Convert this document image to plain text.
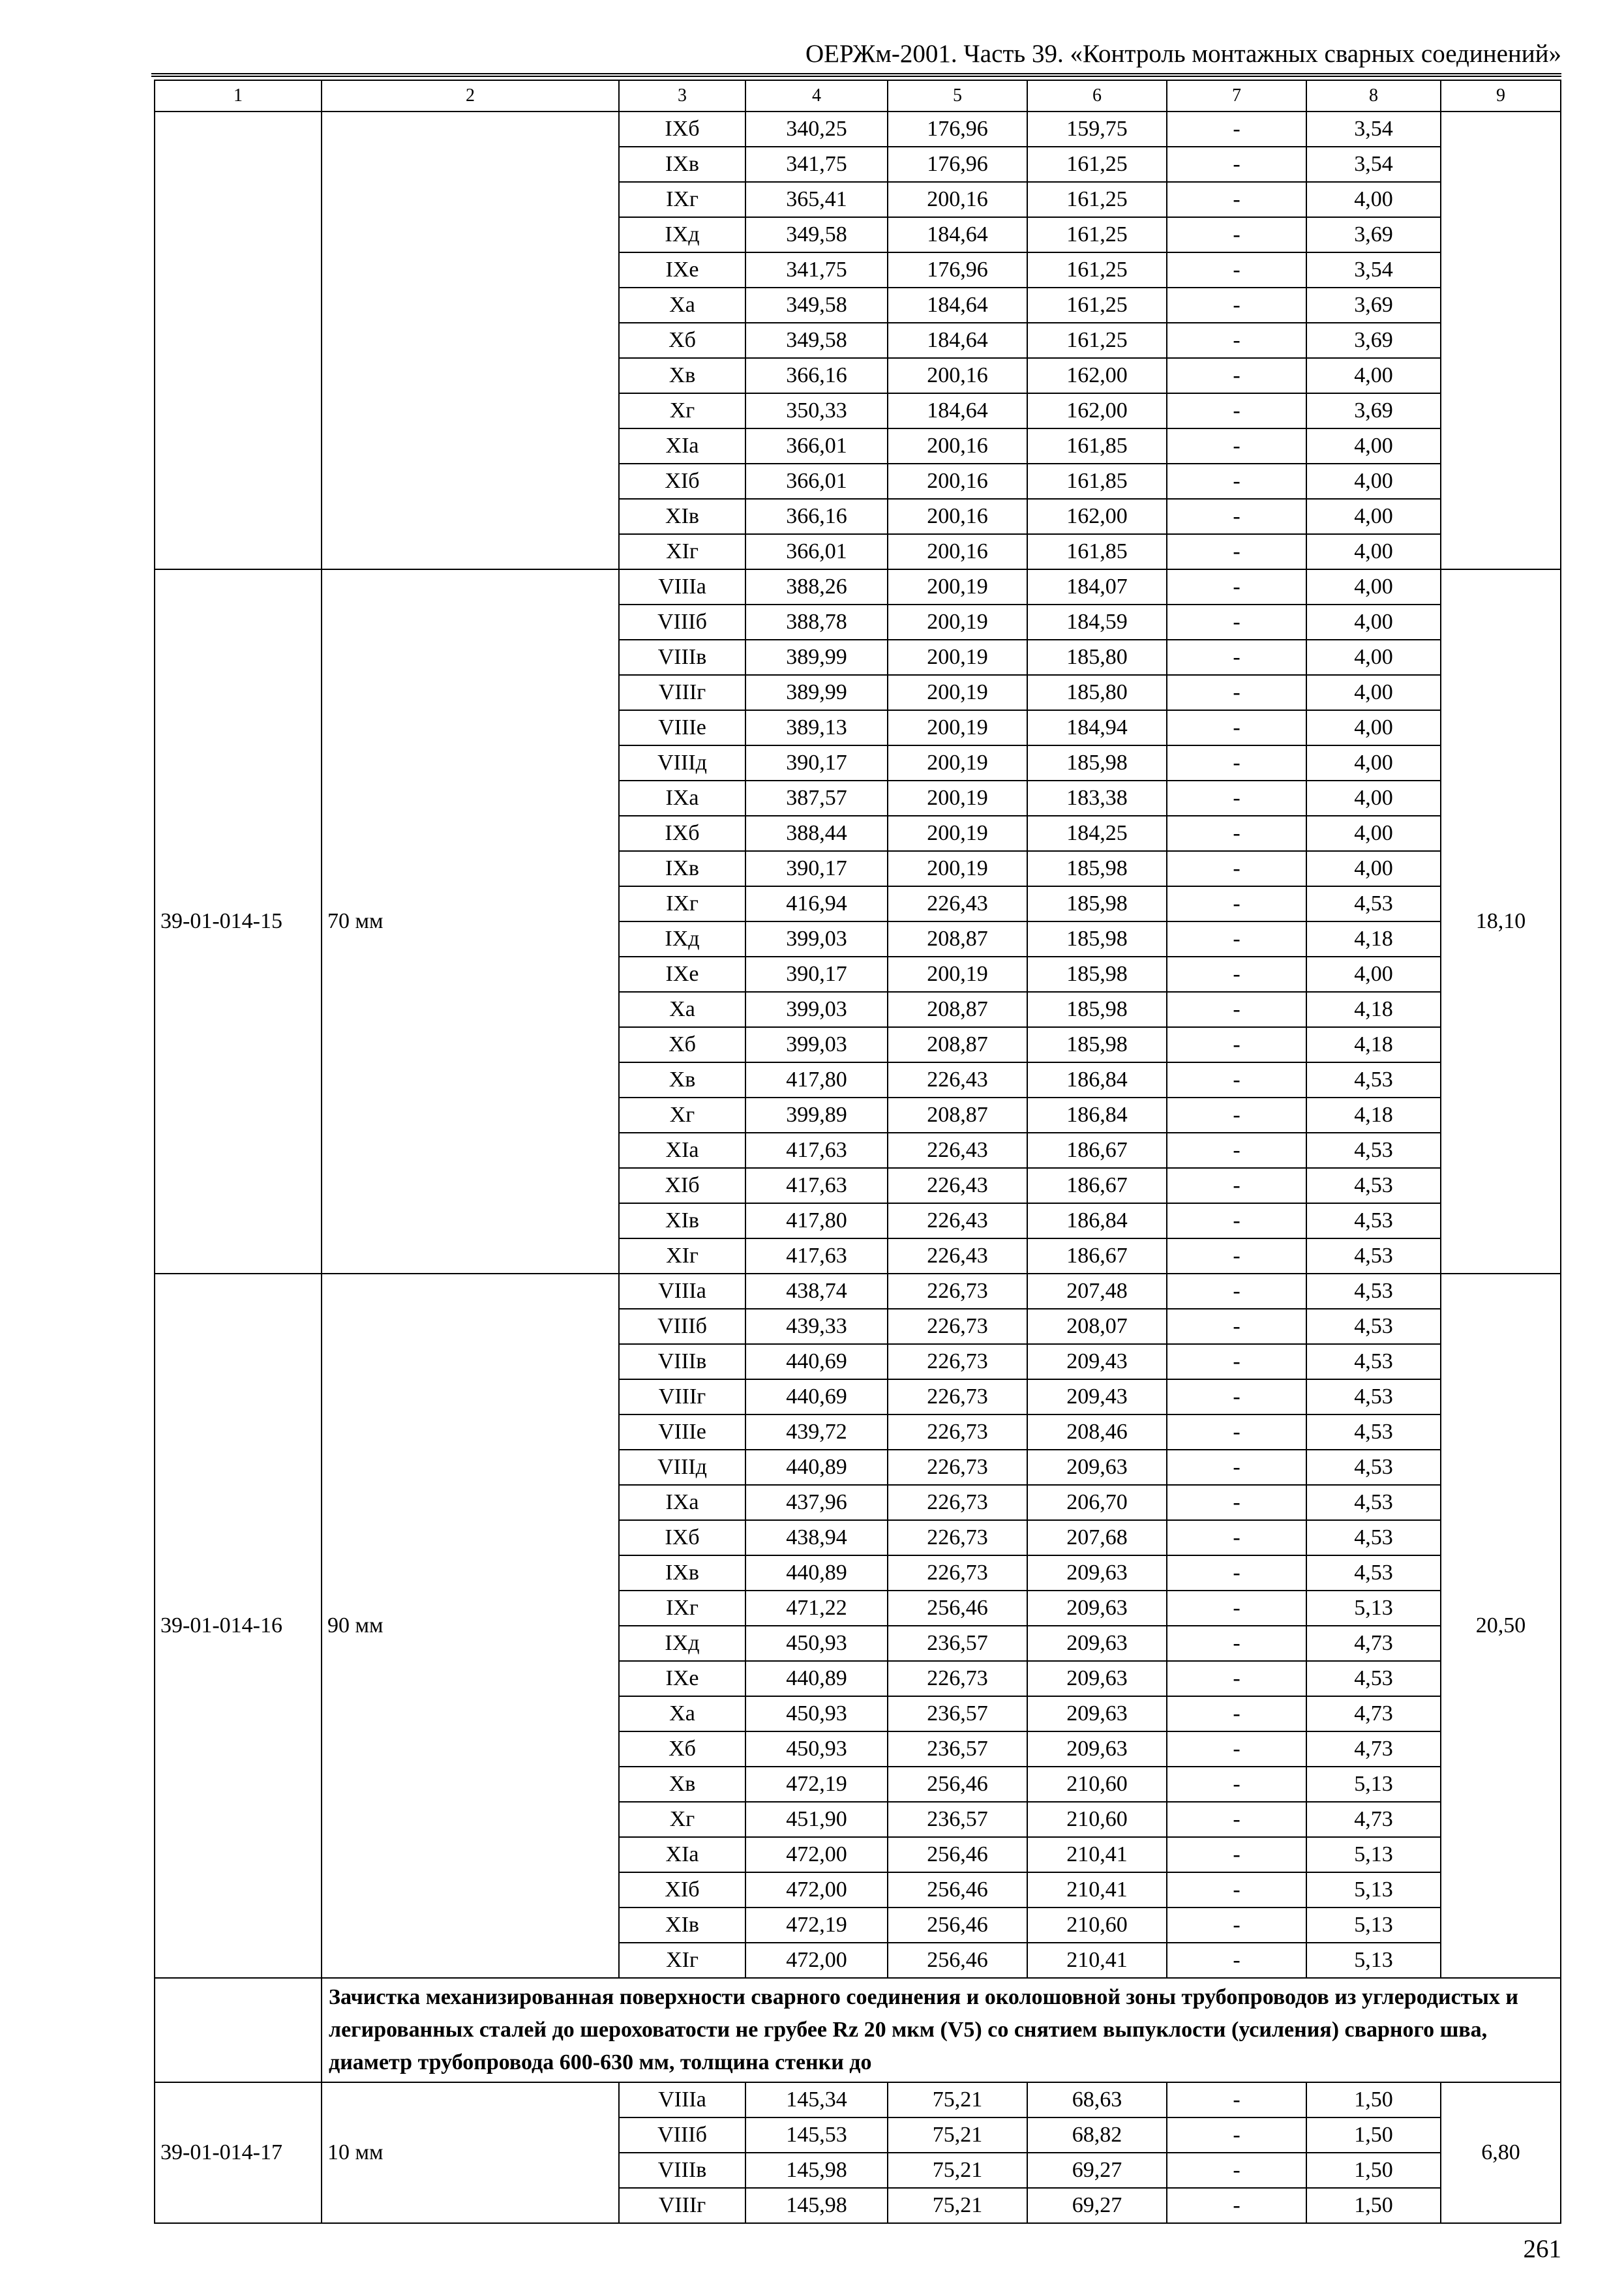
ОЕРЖм-2001. Часть 39. «Контроль монтажных сварных соединений»
1	2	3	4	5	6	7	8	9
		IXб	340,25	176,96	159,75	-	3,54	
		IXв	341,75	176,96	161,25	-	3,54	
		IXг	365,41	200,16	161,25	-	4,00	
		IXд	349,58	184,64	161,25	-	3,69	
		IXе	341,75	176,96	161,25	-	3,54	
		Xа	349,58	184,64	161,25	-	3,69	
		Xб	349,58	184,64	161,25	-	3,69	
		Xв	366,16	200,16	162,00	-	4,00	
		Xг	350,33	184,64	162,00	-	3,69	
		XIа	366,01	200,16	161,85	-	4,00	
		XIб	366,01	200,16	161,85	-	4,00	
		XIв	366,16	200,16	162,00	-	4,00	
		XIг	366,01	200,16	161,85	-	4,00	
39-01-014-15	70 мм	VIIIа	388,26	200,19	184,07	-	4,00	18,10
		VIIIб	388,78	200,19	184,59	-	4,00	
		VIIIв	389,99	200,19	185,80	-	4,00	
		VIIIг	389,99	200,19	185,80	-	4,00	
		VIIIе	389,13	200,19	184,94	-	4,00	
		VIIIд	390,17	200,19	185,98	-	4,00	
		IXа	387,57	200,19	183,38	-	4,00	
		IXб	388,44	200,19	184,25	-	4,00	
		IXв	390,17	200,19	185,98	-	4,00	
		IXг	416,94	226,43	185,98	-	4,53	
		IXд	399,03	208,87	185,98	-	4,18	
		IXе	390,17	200,19	185,98	-	4,00	
		Xа	399,03	208,87	185,98	-	4,18	
		Xб	399,03	208,87	185,98	-	4,18	
		Xв	417,80	226,43	186,84	-	4,53	
		Xг	399,89	208,87	186,84	-	4,18	
		XIа	417,63	226,43	186,67	-	4,53	
		XIб	417,63	226,43	186,67	-	4,53	
		XIв	417,80	226,43	186,84	-	4,53	
		XIг	417,63	226,43	186,67	-	4,53	
39-01-014-16	90 мм	VIIIа	438,74	226,73	207,48	-	4,53	20,50
		VIIIб	439,33	226,73	208,07	-	4,53	
		VIIIв	440,69	226,73	209,43	-	4,53	
		VIIIг	440,69	226,73	209,43	-	4,53	
		VIIIе	439,72	226,73	208,46	-	4,53	
		VIIIд	440,89	226,73	209,63	-	4,53	
		IXа	437,96	226,73	206,70	-	4,53	
		IXб	438,94	226,73	207,68	-	4,53	
		IXв	440,89	226,73	209,63	-	4,53	
		IXг	471,22	256,46	209,63	-	5,13	
		IXд	450,93	236,57	209,63	-	4,73	
		IXе	440,89	226,73	209,63	-	4,53	
		Xа	450,93	236,57	209,63	-	4,73	
		Xб	450,93	236,57	209,63	-	4,73	
		Xв	472,19	256,46	210,60	-	5,13	
		Xг	451,90	236,57	210,60	-	4,73	
		XIа	472,00	256,46	210,41	-	5,13	
		XIб	472,00	256,46	210,41	-	5,13	
		XIв	472,19	256,46	210,60	-	5,13	
		XIг	472,00	256,46	210,41	-	5,13	
	Зачистка механизированная поверхности сварного соединения и околошовной зоны трубопроводов из углеродистых и легированных сталей до шероховатости не грубее Rz 20 мкм (V5) со снятием выпуклости (усиления) сварного шва, диаметр трубопровода 600-630 мм, толщина стенки до							
39-01-014-17	10 мм	VIIIа	145,34	75,21	68,63	-	1,50	6,80
		VIIIб	145,53	75,21	68,82	-	1,50	
		VIIIв	145,98	75,21	69,27	-	1,50	
		VIIIг	145,98	75,21	69,27	-	1,50	
261
